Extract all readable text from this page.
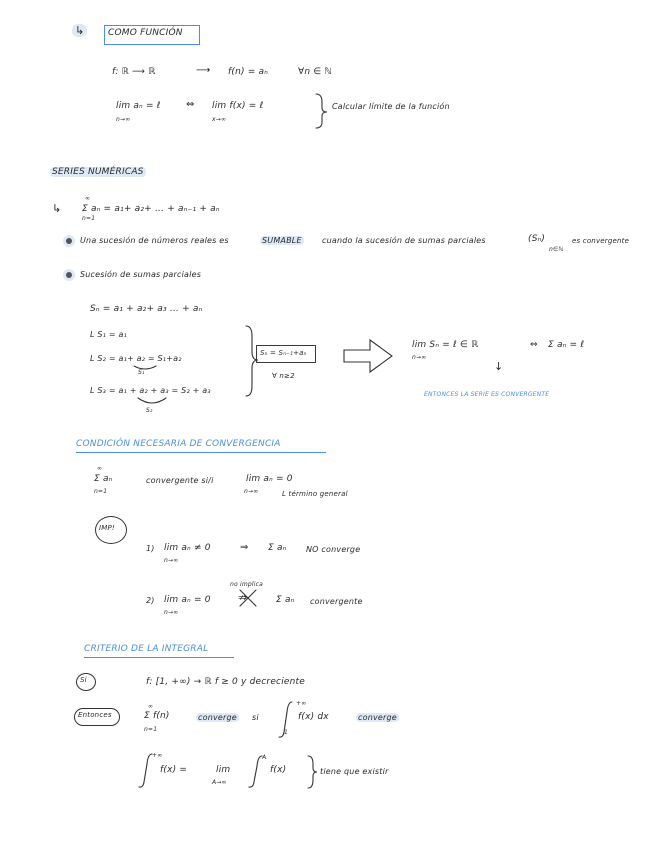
↳	COMO FUNCIÓN
f: ℝ ⟶ ℝ	⟶ f(n) = aₙ	∀n ∈ ℕ
lim aₙ = ℓ
n→∞
⇔ lim f(x) = ℓ
x→∞
Calcular límite de la función
SERIES NUMÉRICAS
↳
∞
n=1
Σ aₙ = a₁+ a₂+ … + aₙ₋₁ + aₙ
Una sucesión de números reales es	SUMABLE	cuando la sucesión de sumas parciales	(Sₙ)
n∈ℕ
es convergente
Sucesión de sumas parciales
Sₙ = a₁ + a₂+ a₃ … + aₙ
L S₁ = a₁
L S₂ = a₁+ a₂ = S₁+a₂
S₁
L S₃ = a₁ + a₂ + a₃ = S₂ + a₃
S₂
Sₙ = Sₙ₋₁+aₙ
∀ n≥2
lim Sₙ = ℓ ∈ ℝ
n→∞
⇔ Σ aₙ = ℓ
↓
ENTONCES LA SERIE ES CONVERGENTE
CONDICIÓN NECESARIA DE CONVERGENCIA
∞
Σ aₙ
n=1
convergente si/i	lim aₙ = 0
n→∞	L término general
IMP!
1) lim aₙ ≠ 0
n→∞
⇒ Σ aₙ NO converge
no implica
2) lim aₙ = 0
n→∞
⇏	Σ aₙ convergente
CRITERIO DE LA INTEGRAL
Si	f: [1, +∞) → ℝ f ≥ 0 y decreciente
Entonces
∞
Σ f(n)
n=1
converge si
+∞
1
f(x) dx	converge
+∞
f(x) =	lim
A→∞
A
f(x)	tiene que existir
